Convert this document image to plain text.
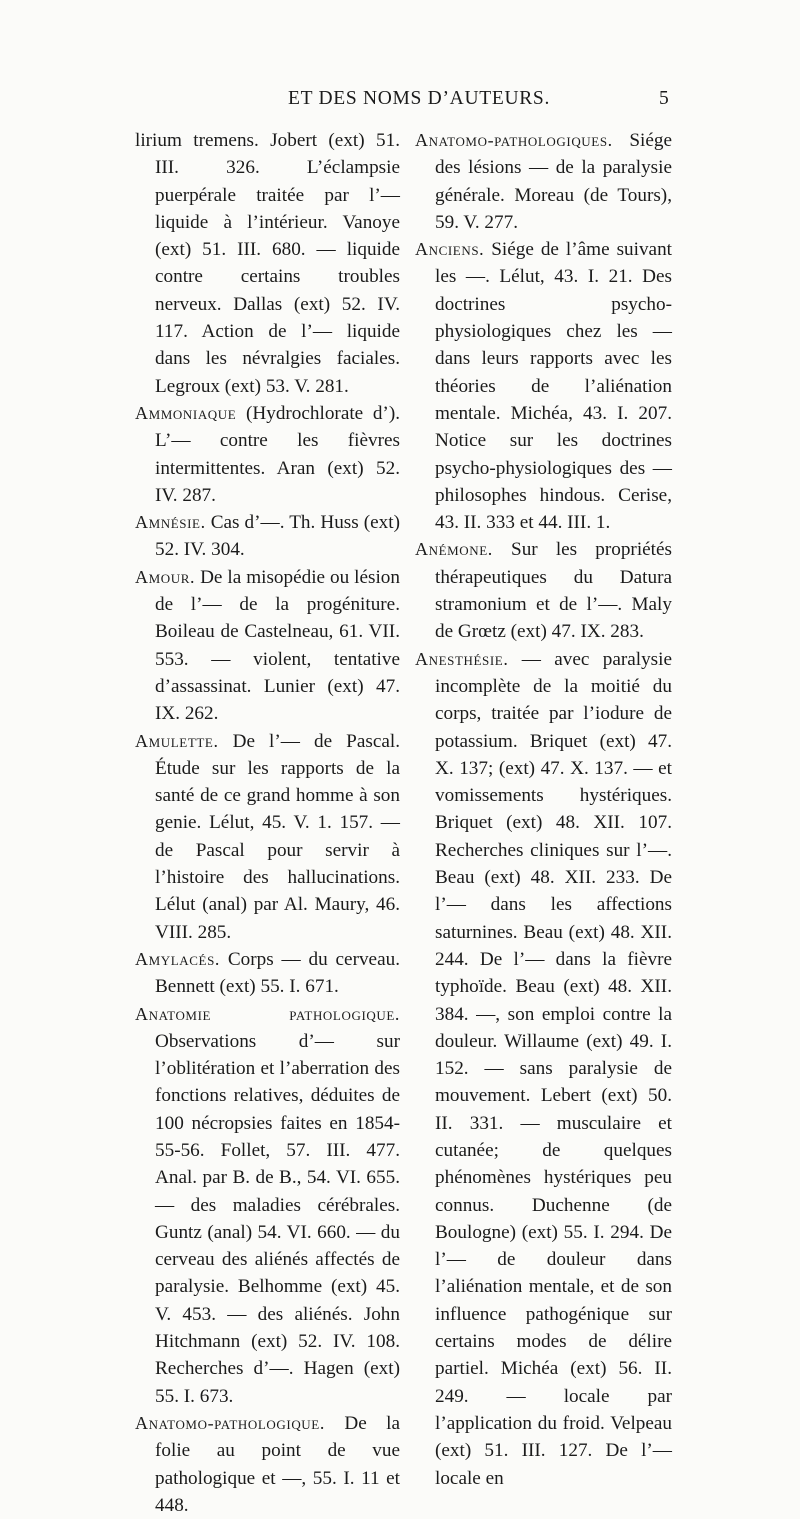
ET DES NOMS D’AUTEURS.	5

lirium tremens. Jobert (ext) 51. III. 326. L’éclampsie puerpérale traitée par l’— liquide à l’intérieur. Vanoye (ext) 51. III. 680. — liquide contre certains troubles nerveux. Dallas (ext) 52. IV. 117. Action de l’— liquide dans les névralgies faciales. Legroux (ext) 53. V. 281.

Ammoniaque (Hydrochlorate d’). L’— contre les fièvres intermittentes. Aran (ext) 52. IV. 287.

Amnésie. Cas d’—. Th. Huss (ext) 52. IV. 304.

Amour. De la misopédie ou lésion de l’— de la progéniture. Boileau de Castelneau, 61. VII. 553. — violent, tentative d’assassinat. Lunier (ext) 47. IX. 262.

Amulette. De l’— de Pascal. Étude sur les rapports de la santé de ce grand homme à son genie. Lélut, 45. V. 1. 157. — de Pascal pour servir à l’histoire des hallucinations. Lélut (anal) par Al. Maury, 46. VIII. 285.

Amylacés. Corps — du cerveau. Bennett (ext) 55. I. 671.

Anatomie pathologique. Observations d’— sur l’oblitération et l’aberration des fonctions relatives, déduites de 100 nécropsies faites en 1854-55-56. Follet, 57. III. 477. Anal. par B. de B., 54. VI. 655. — des maladies cérébrales. Guntz (anal) 54. VI. 660. — du cerveau des aliénés affectés de paralysie. Belhomme (ext) 45. V. 453. — des aliénés. John Hitchmann (ext) 52. IV. 108. Recherches d’—. Hagen (ext) 55. I. 673.

Anatomo-pathologique. De la folie au point de vue pathologique et —, 55. I. 11 et 448.

Anatomo-pathologiques. Siége des lésions — de la paralysie générale. Moreau (de Tours), 59. V. 277.

Anciens. Siége de l’âme suivant les —. Lélut, 43. I. 21. Des doctrines psycho-physiologiques chez les — dans leurs rapports avec les théories de l’aliénation mentale. Michéa, 43. I. 207. Notice sur les doctrines psycho-physiologiques des — philosophes hindous. Cerise, 43. II. 333 et 44. III. 1.

Anémone. Sur les propriétés thérapeutiques du Datura stramonium et de l’—. Maly de Grœtz (ext) 47. IX. 283.

Anesthésie. — avec paralysie incomplète de la moitié du corps, traitée par l’iodure de potassium. Briquet (ext) 47. X. 137; (ext) 47. X. 137. — et vomissements hystériques. Briquet (ext) 48. XII. 107. Recherches cliniques sur l’—. Beau (ext) 48. XII. 233. De l’— dans les affections saturnines. Beau (ext) 48. XII. 244. De l’— dans la fièvre typhoïde. Beau (ext) 48. XII. 384. —, son emploi contre la douleur. Willaume (ext) 49. I. 152. — sans paralysie de mouvement. Lebert (ext) 50. II. 331. — musculaire et cutanée; de quelques phénomènes hystériques peu connus. Duchenne (de Boulogne) (ext) 55. I. 294. De l’— de douleur dans l’aliénation mentale, et de son influence pathogénique sur certains modes de délire partiel. Michéa (ext) 56. II. 249. — locale par l’application du froid. Velpeau (ext) 51. III. 127. De l’— locale en
